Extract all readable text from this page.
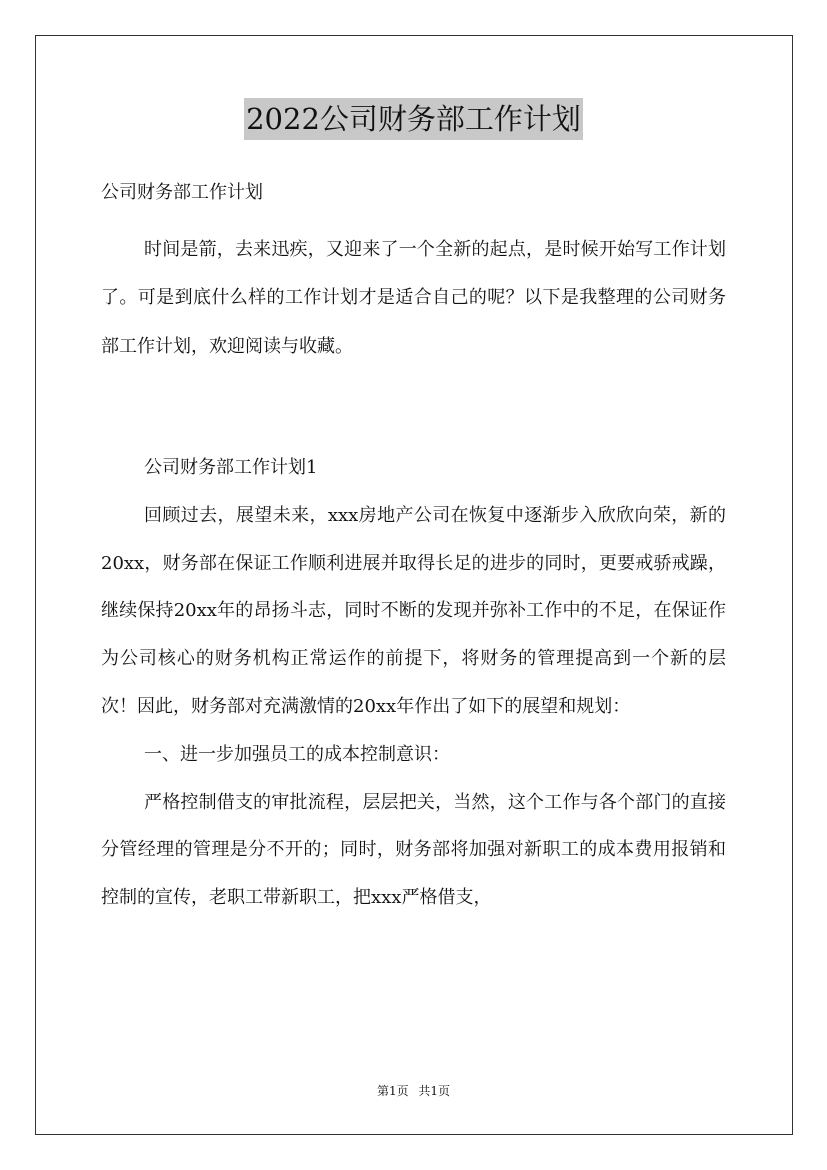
2022公司财务部工作计划
公司财务部工作计划

时间是箭，去来迅疾，又迎来了一个全新的起点，是时候开始写工作计划了。可是到底什么样的工作计划才是适合自己的呢？以下是我整理的公司财务部工作计划，欢迎阅读与收藏。

公司财务部工作计划1

回顾过去，展望未来，xxx房地产公司在恢复中逐渐步入欣欣向荣，新的20xx，财务部在保证工作顺利进展并取得长足的进步的同时，更要戒骄戒躁，继续保持20xx年的昂扬斗志，同时不断的发现并弥补工作中的不足，在保证作为公司核心的财务机构正常运作的前提下，将财务的管理提高到一个新的层次！因此，财务部对充满激情的20xx年作出了如下的展望和规划：

一、进一步加强员工的成本控制意识：

严格控制借支的审批流程，层层把关，当然，这个工作与各个部门的直接分管经理的管理是分不开的；同时，财务部将加强对新职工的成本费用报销和控制的宣传，老职工带新职工，把xxx严格借支，

第1页 共1页
